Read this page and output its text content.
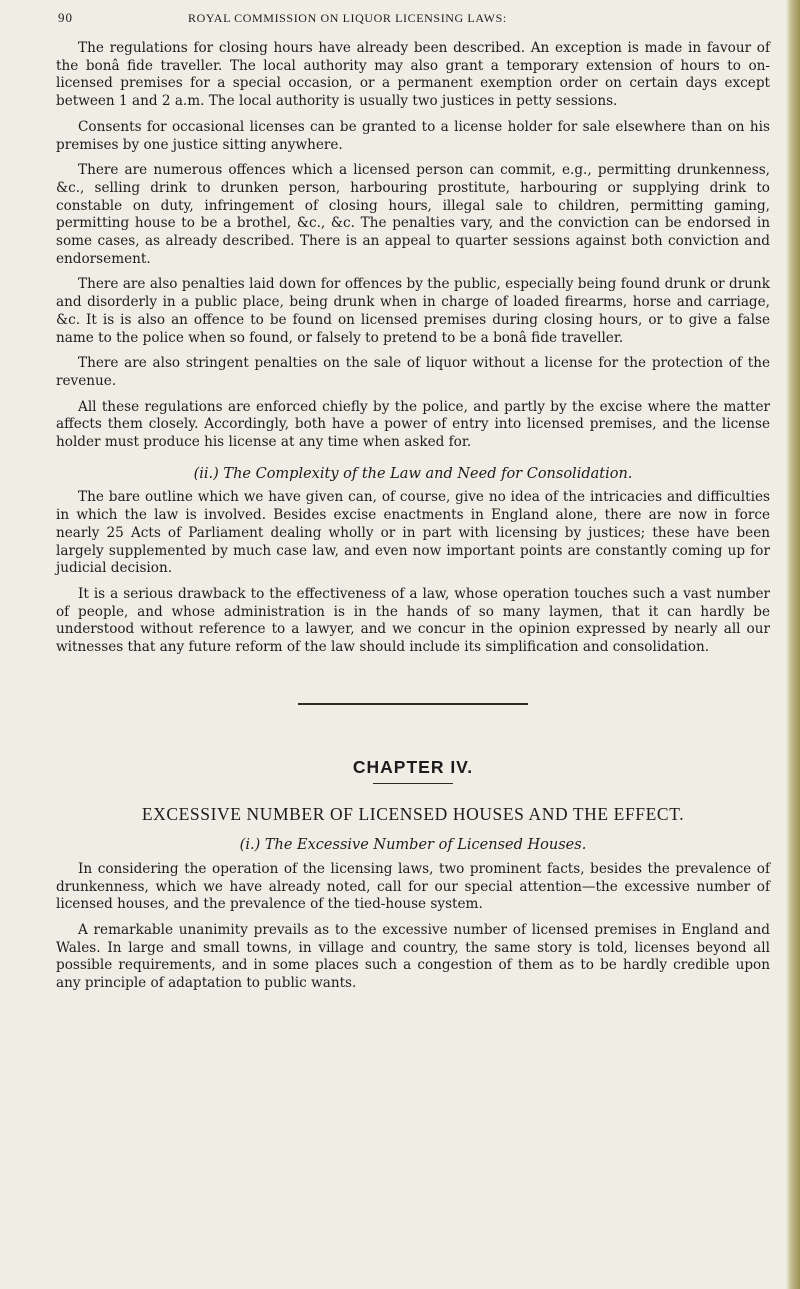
90	ROYAL COMMISSION ON LIQUOR LICENSING LAWS:

The regulations for closing hours have already been described. An exception is made in favour of the bonâ fide traveller. The local authority may also grant a temporary extension of hours to on-licensed premises for a special occasion, or a permanent exemption order on certain days except between 1 and 2 a.m. The local authority is usually two justices in petty sessions.

Consents for occasional licenses can be granted to a license holder for sale elsewhere than on his premises by one justice sitting anywhere.

There are numerous offences which a licensed person can commit, e.g., permitting drunkenness, &c., selling drink to drunken person, harbouring prostitute, harbouring or supplying drink to constable on duty, infringement of closing hours, illegal sale to children, permitting gaming, permitting house to be a brothel, &c., &c. The penalties vary, and the conviction can be endorsed in some cases, as already described. There is an appeal to quarter sessions against both conviction and endorsement.

There are also penalties laid down for offences by the public, especially being found drunk or drunk and disorderly in a public place, being drunk when in charge of loaded firearms, horse and carriage, &c. It is is also an offence to be found on licensed premises during closing hours, or to give a false name to the police when so found, or falsely to pretend to be a bonâ fide traveller.

There are also stringent penalties on the sale of liquor without a license for the protection of the revenue.

All these regulations are enforced chiefly by the police, and partly by the excise where the matter affects them closely. Accordingly, both have a power of entry into licensed premises, and the license holder must produce his license at any time when asked for.

(ii.) The Complexity of the Law and Need for Consolidation.

The bare outline which we have given can, of course, give no idea of the intricacies and difficulties in which the law is involved. Besides excise enactments in England alone, there are now in force nearly 25 Acts of Parliament dealing wholly or in part with licensing by justices; these have been largely supplemented by much case law, and even now important points are constantly coming up for judicial decision.

It is a serious drawback to the effectiveness of a law, whose operation touches such a vast number of people, and whose administration is in the hands of so many laymen, that it can hardly be understood without reference to a lawyer, and we concur in the opinion expressed by nearly all our witnesses that any future reform of the law should include its simplification and consolidation.

CHAPTER IV.
EXCESSIVE NUMBER OF LICENSED HOUSES AND THE EFFECT.
(i.) The Excessive Number of Licensed Houses.

In considering the operation of the licensing laws, two prominent facts, besides the prevalence of drunkenness, which we have already noted, call for our special attention—the excessive number of licensed houses, and the prevalence of the tied-house system.

A remarkable unanimity prevails as to the excessive number of licensed premises in England and Wales. In large and small towns, in village and country, the same story is told, licenses beyond all possible requirements, and in some places such a congestion of them as to be hardly credible upon any principle of adaptation to public wants.
